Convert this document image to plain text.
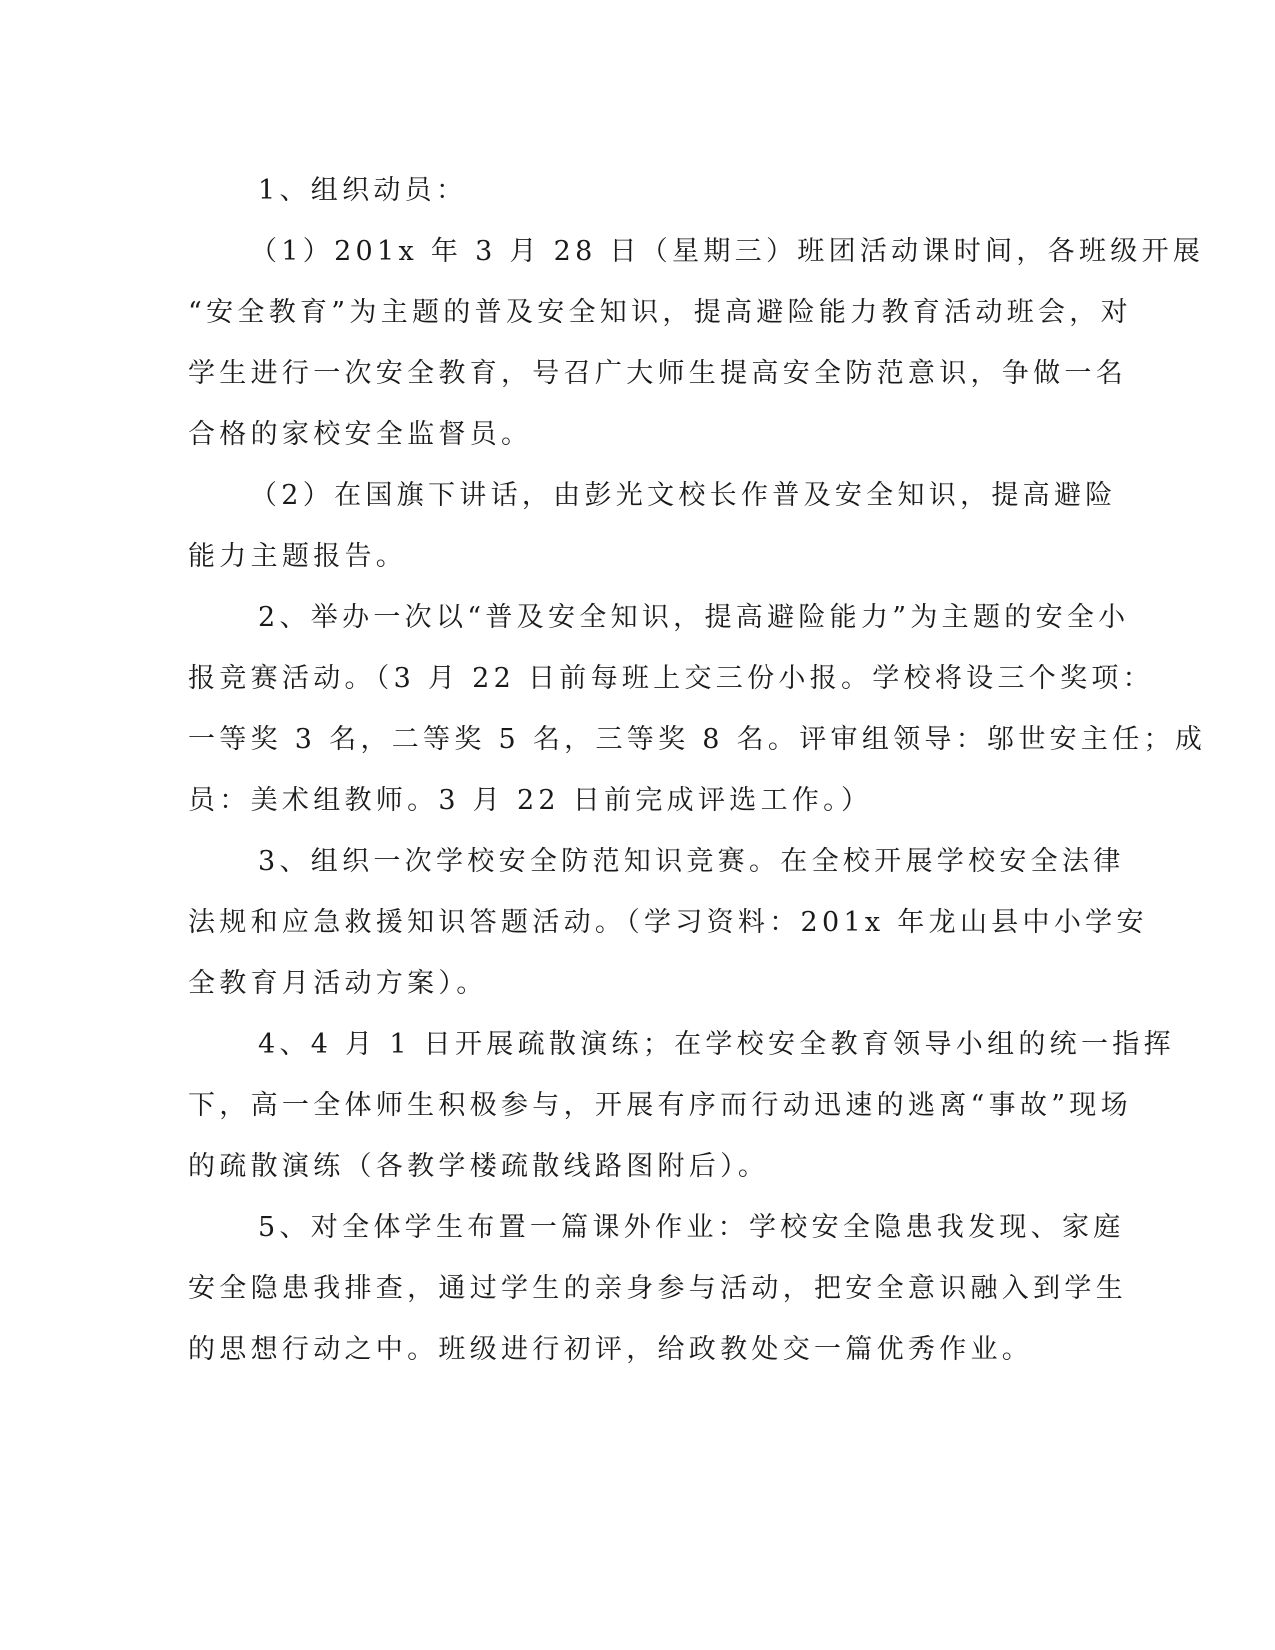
1、组织动员：
（1）201x 年 3 月 28 日（星期三）班团活动课时间，各班级开展
“安全教育”为主题的普及安全知识，提高避险能力教育活动班会，对
学生进行一次安全教育，号召广大师生提高安全防范意识，争做一名
合格的家校安全监督员。
（2）在国旗下讲话，由彭光文校长作普及安全知识，提高避险
能力主题报告。
2、举办一次以“普及安全知识，提高避险能力”为主题的安全小
报竞赛活动。（3 月 22 日前每班上交三份小报。学校将设三个奖项：
一等奖 3 名，二等奖 5 名，三等奖 8 名。评审组领导：邬世安主任；成
员：美术组教师。3 月 22 日前完成评选工作。）
3、组织一次学校安全防范知识竞赛。在全校开展学校安全法律
法规和应急救援知识答题活动。（学习资料：201x 年龙山县中小学安
全教育月活动方案）。
4、4 月 1 日开展疏散演练；在学校安全教育领导小组的统一指挥
下，高一全体师生积极参与，开展有序而行动迅速的逃离“事故”现场
的疏散演练（各教学楼疏散线路图附后）。
5、对全体学生布置一篇课外作业：学校安全隐患我发现、家庭
安全隐患我排查，通过学生的亲身参与活动，把安全意识融入到学生
的思想行动之中。班级进行初评，给政教处交一篇优秀作业。
